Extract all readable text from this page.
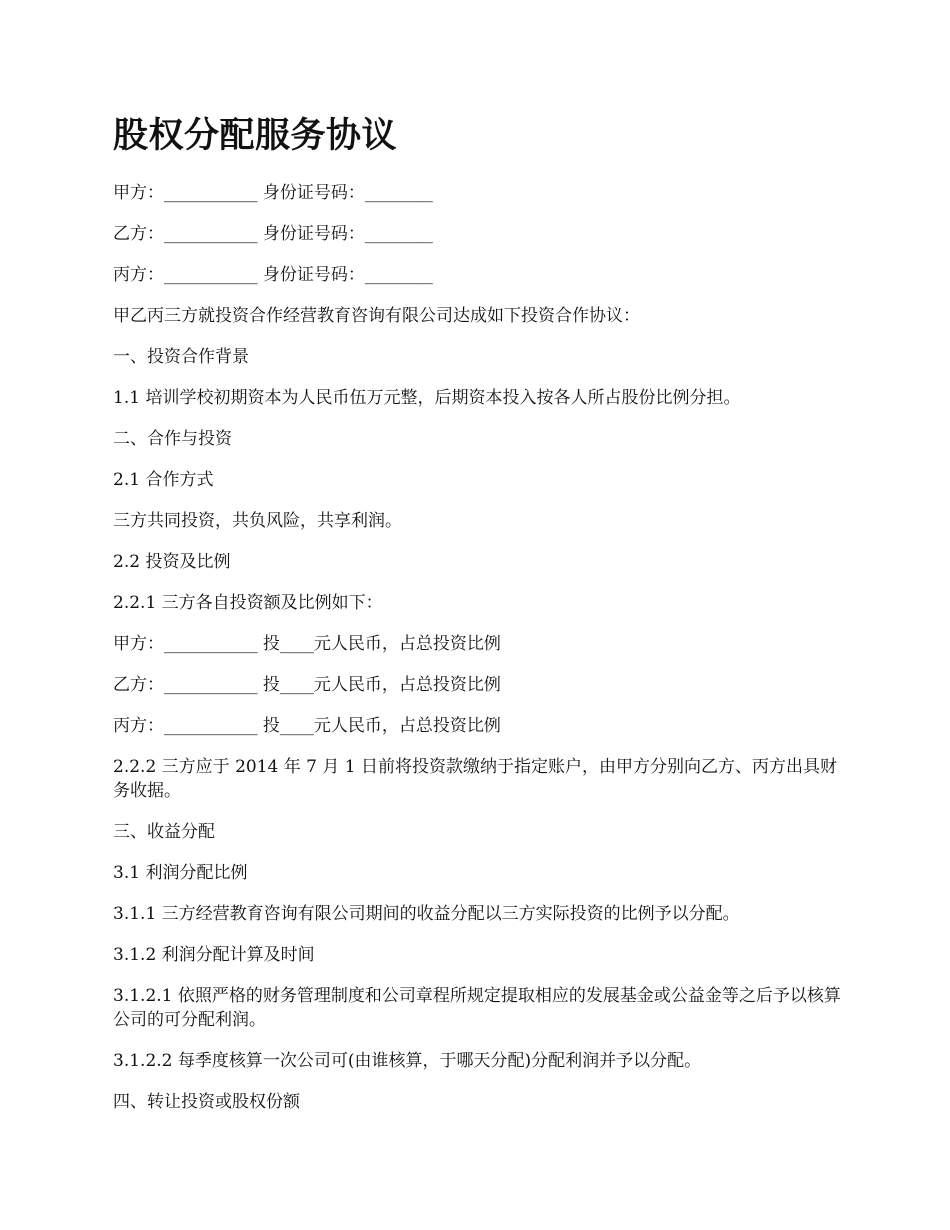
股权分配服务协议

甲方：___________ 身份证号码：________

乙方：___________ 身份证号码：________

丙方：___________ 身份证号码：________

甲乙丙三方就投资合作经营教育咨询有限公司达成如下投资合作协议：

一、投资合作背景

1.1 培训学校初期资本为人民币伍万元整，后期资本投入按各人所占股份比例分担。

二、合作与投资

2.1 合作方式

三方共同投资，共负风险，共享利润。

2.2 投资及比例

2.2.1 三方各自投资额及比例如下：

甲方：___________ 投____元人民币，占总投资比例

乙方：___________ 投____元人民币，占总投资比例

丙方：___________ 投____元人民币，占总投资比例

2.2.2 三方应于 2014 年 7 月 1 日前将投资款缴纳于指定账户，由甲方分别向乙方、丙方出具财务收据。

三、收益分配

3.1 利润分配比例

3.1.1 三方经营教育咨询有限公司期间的收益分配以三方实际投资的比例予以分配。

3.1.2 利润分配计算及时间

3.1.2.1 依照严格的财务管理制度和公司章程所规定提取相应的发展基金或公益金等之后予以核算公司的可分配利润。

3.1.2.2 每季度核算一次公司可(由谁核算，于哪天分配)分配利润并予以分配。

四、转让投资或股权份额
